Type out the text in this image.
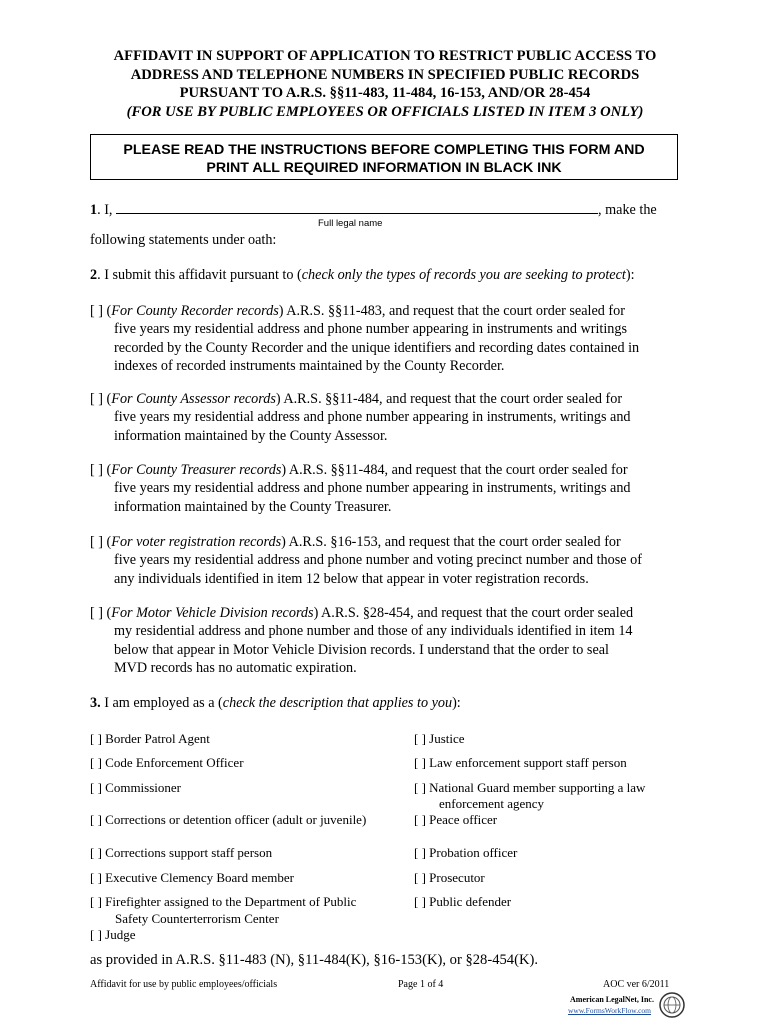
AFFIDAVIT IN SUPPORT OF APPLICATION TO RESTRICT PUBLIC ACCESS TO
ADDRESS AND TELEPHONE NUMBERS IN SPECIFIED PUBLIC RECORDS
PURSUANT TO A.R.S. §§11-483, 11-484, 16-153, AND/OR 28-454
(FOR USE BY PUBLIC EMPLOYEES OR OFFICIALS LISTED IN ITEM 3 ONLY)
PLEASE READ THE INSTRUCTIONS BEFORE COMPLETING THIS FORM AND
PRINT ALL REQUIRED INFORMATION IN BLACK INK
1. I,	, make the
Full legal name
following statements under oath:
2. I submit this affidavit pursuant to (check only the types of records you are seeking to protect):
[ ] (For County Recorder records) A.R.S. §§11-483, and request that the court order sealed for
five years my residential address and phone number appearing in instruments and writings
recorded by the County Recorder and the unique identifiers and recording dates contained in
indexes of recorded instruments maintained by the County Recorder.
[ ] (For County Assessor records) A.R.S. §§11-484, and request that the court order sealed for
five years my residential address and phone number appearing in instruments, writings and
information maintained by the County Assessor.
[ ] (For County Treasurer records) A.R.S. §§11-484, and request that the court order sealed for
five years my residential address and phone number appearing in instruments, writings and
information maintained by the County Treasurer.
[ ] (For voter registration records) A.R.S. §16-153, and request that the court order sealed for
five years my residential address and phone number and voting precinct number and those of
any individuals identified in item 12 below that appear in voter registration records.
[ ] (For Motor Vehicle Division records) A.R.S. §28-454, and request that the court order sealed
my residential address and phone number and those of any individuals identified in item 14
below that appear in Motor Vehicle Division records. I understand that the order to seal
MVD records has no automatic expiration.
3. I am employed as a (check the description that applies to you):
[ ] Border Patrol Agent
[ ] Code Enforcement Officer
[ ] Commissioner
[ ] Corrections or detention officer (adult or juvenile)
[ ] Corrections support staff person
[ ] Executive Clemency Board member
[ ] Firefighter assigned to the Department of Public
Safety Counterterrorism Center
[ ] Judge
[ ] Justice
[ ] Law enforcement support staff person
[ ] National Guard member supporting a law
enforcement agency
[ ] Peace officer
[ ] Probation officer
[ ] Prosecutor
[ ] Public defender
as provided in A.R.S. §11-483 (N), §11-484(K), §16-153(K), or §28-454(K).
Affidavit for use by public employees/officials	Page 1 of 4	AOC ver 6/2011
American LegalNet, Inc.
www.FormsWorkFlow.com
